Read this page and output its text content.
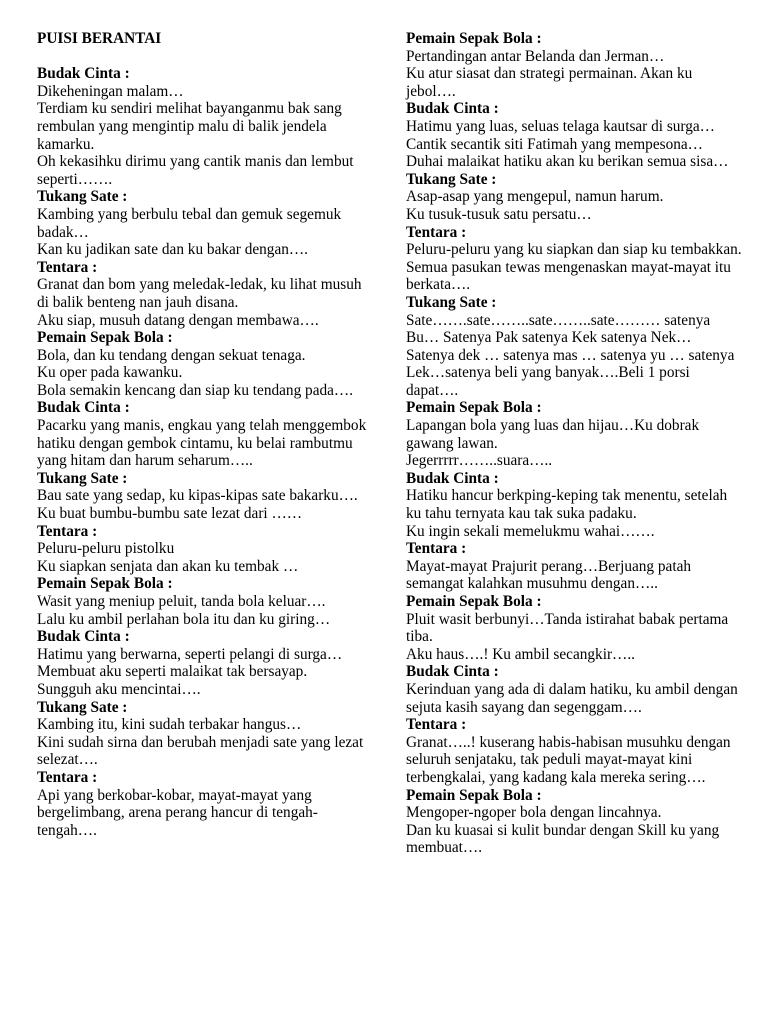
PUISI BERANTAI

Budak Cinta :

Dikeheningan malam…

Terdiam ku sendiri melihat bayanganmu bak sang rembulan yang mengintip malu di balik jendela kamarku.

Oh kekasihku dirimu yang cantik manis dan lembut seperti…….

Tukang Sate :

Kambing yang berbulu tebal dan gemuk segemuk badak…

Kan ku jadikan sate dan ku bakar dengan….

Tentara :

Granat dan bom yang meledak-ledak, ku lihat musuh di balik benteng nan jauh disana.

Aku siap, musuh datang dengan membawa….

Pemain Sepak Bola :

Bola, dan ku tendang dengan sekuat tenaga.

Ku oper pada kawanku.

Bola semakin kencang dan siap ku tendang pada….

Budak Cinta :

Pacarku yang manis, engkau yang telah menggembok hatiku dengan gembok cintamu, ku belai rambutmu yang hitam dan harum seharum…..

Tukang Sate :

Bau sate yang sedap, ku kipas-kipas sate bakarku….

Ku buat bumbu-bumbu sate lezat dari ……

Tentara :

Peluru-peluru pistolku

Ku siapkan senjata dan akan ku tembak …

Pemain Sepak Bola :

Wasit yang meniup peluit, tanda bola keluar….

Lalu ku ambil perlahan bola itu dan ku giring…

Budak Cinta :

Hatimu yang berwarna, seperti pelangi di surga… Membuat aku seperti malaikat tak bersayap.

Sungguh aku mencintai….

Tukang Sate :

Kambing itu, kini sudah terbakar hangus…

Kini sudah sirna dan berubah menjadi sate yang lezat selezat….

Tentara :

Api yang berkobar-kobar, mayat-mayat yang bergelimbang, arena perang hancur di tengah-tengah….

Pemain Sepak Bola :

Pertandingan antar Belanda dan Jerman…

Ku atur siasat dan strategi permainan. Akan ku jebol….

Budak Cinta :

Hatimu yang luas, seluas telaga kautsar di surga… Cantik secantik siti Fatimah yang mempesona…

Duhai malaikat hatiku akan ku berikan semua sisa…

Tukang Sate :

Asap-asap yang mengepul, namun harum.

Ku tusuk-tusuk satu persatu…

Tentara :

Peluru-peluru yang ku siapkan dan siap ku tembakkan. Semua pasukan tewas mengenaskan mayat-mayat itu berkata….

Tukang Sate :

Sate…….sate……..sate……..sate……… satenya Bu… Satenya Pak satenya Kek satenya Nek…

Satenya dek … satenya mas … satenya yu … satenya Lek…satenya beli yang banyak….Beli 1 porsi dapat….

Pemain Sepak Bola :

Lapangan bola yang luas dan hijau…Ku dobrak gawang lawan.

Jegerrrrr……..suara…..

Budak Cinta :

Hatiku hancur berkping-keping tak menentu, setelah ku tahu ternyata kau tak suka padaku.

Ku ingin sekali memelukmu wahai…….

Tentara :

Mayat-mayat Prajurit perang…Berjuang patah semangat kalahkan musuhmu dengan…..

Pemain Sepak Bola :

Pluit wasit berbunyi…Tanda istirahat babak pertama tiba.

Aku haus….! Ku ambil secangkir…..

Budak Cinta :

Kerinduan yang ada di dalam hatiku, ku ambil dengan sejuta kasih sayang dan segenggam….

Tentara :

Granat…..! kuserang habis-habisan musuhku dengan seluruh senjataku, tak peduli mayat-mayat kini terbengkalai, yang kadang kala mereka sering….

Pemain Sepak Bola :

Mengoper-ngoper bola dengan lincahnya.

Dan ku kuasai si kulit bundar dengan Skill ku yang membuat….
